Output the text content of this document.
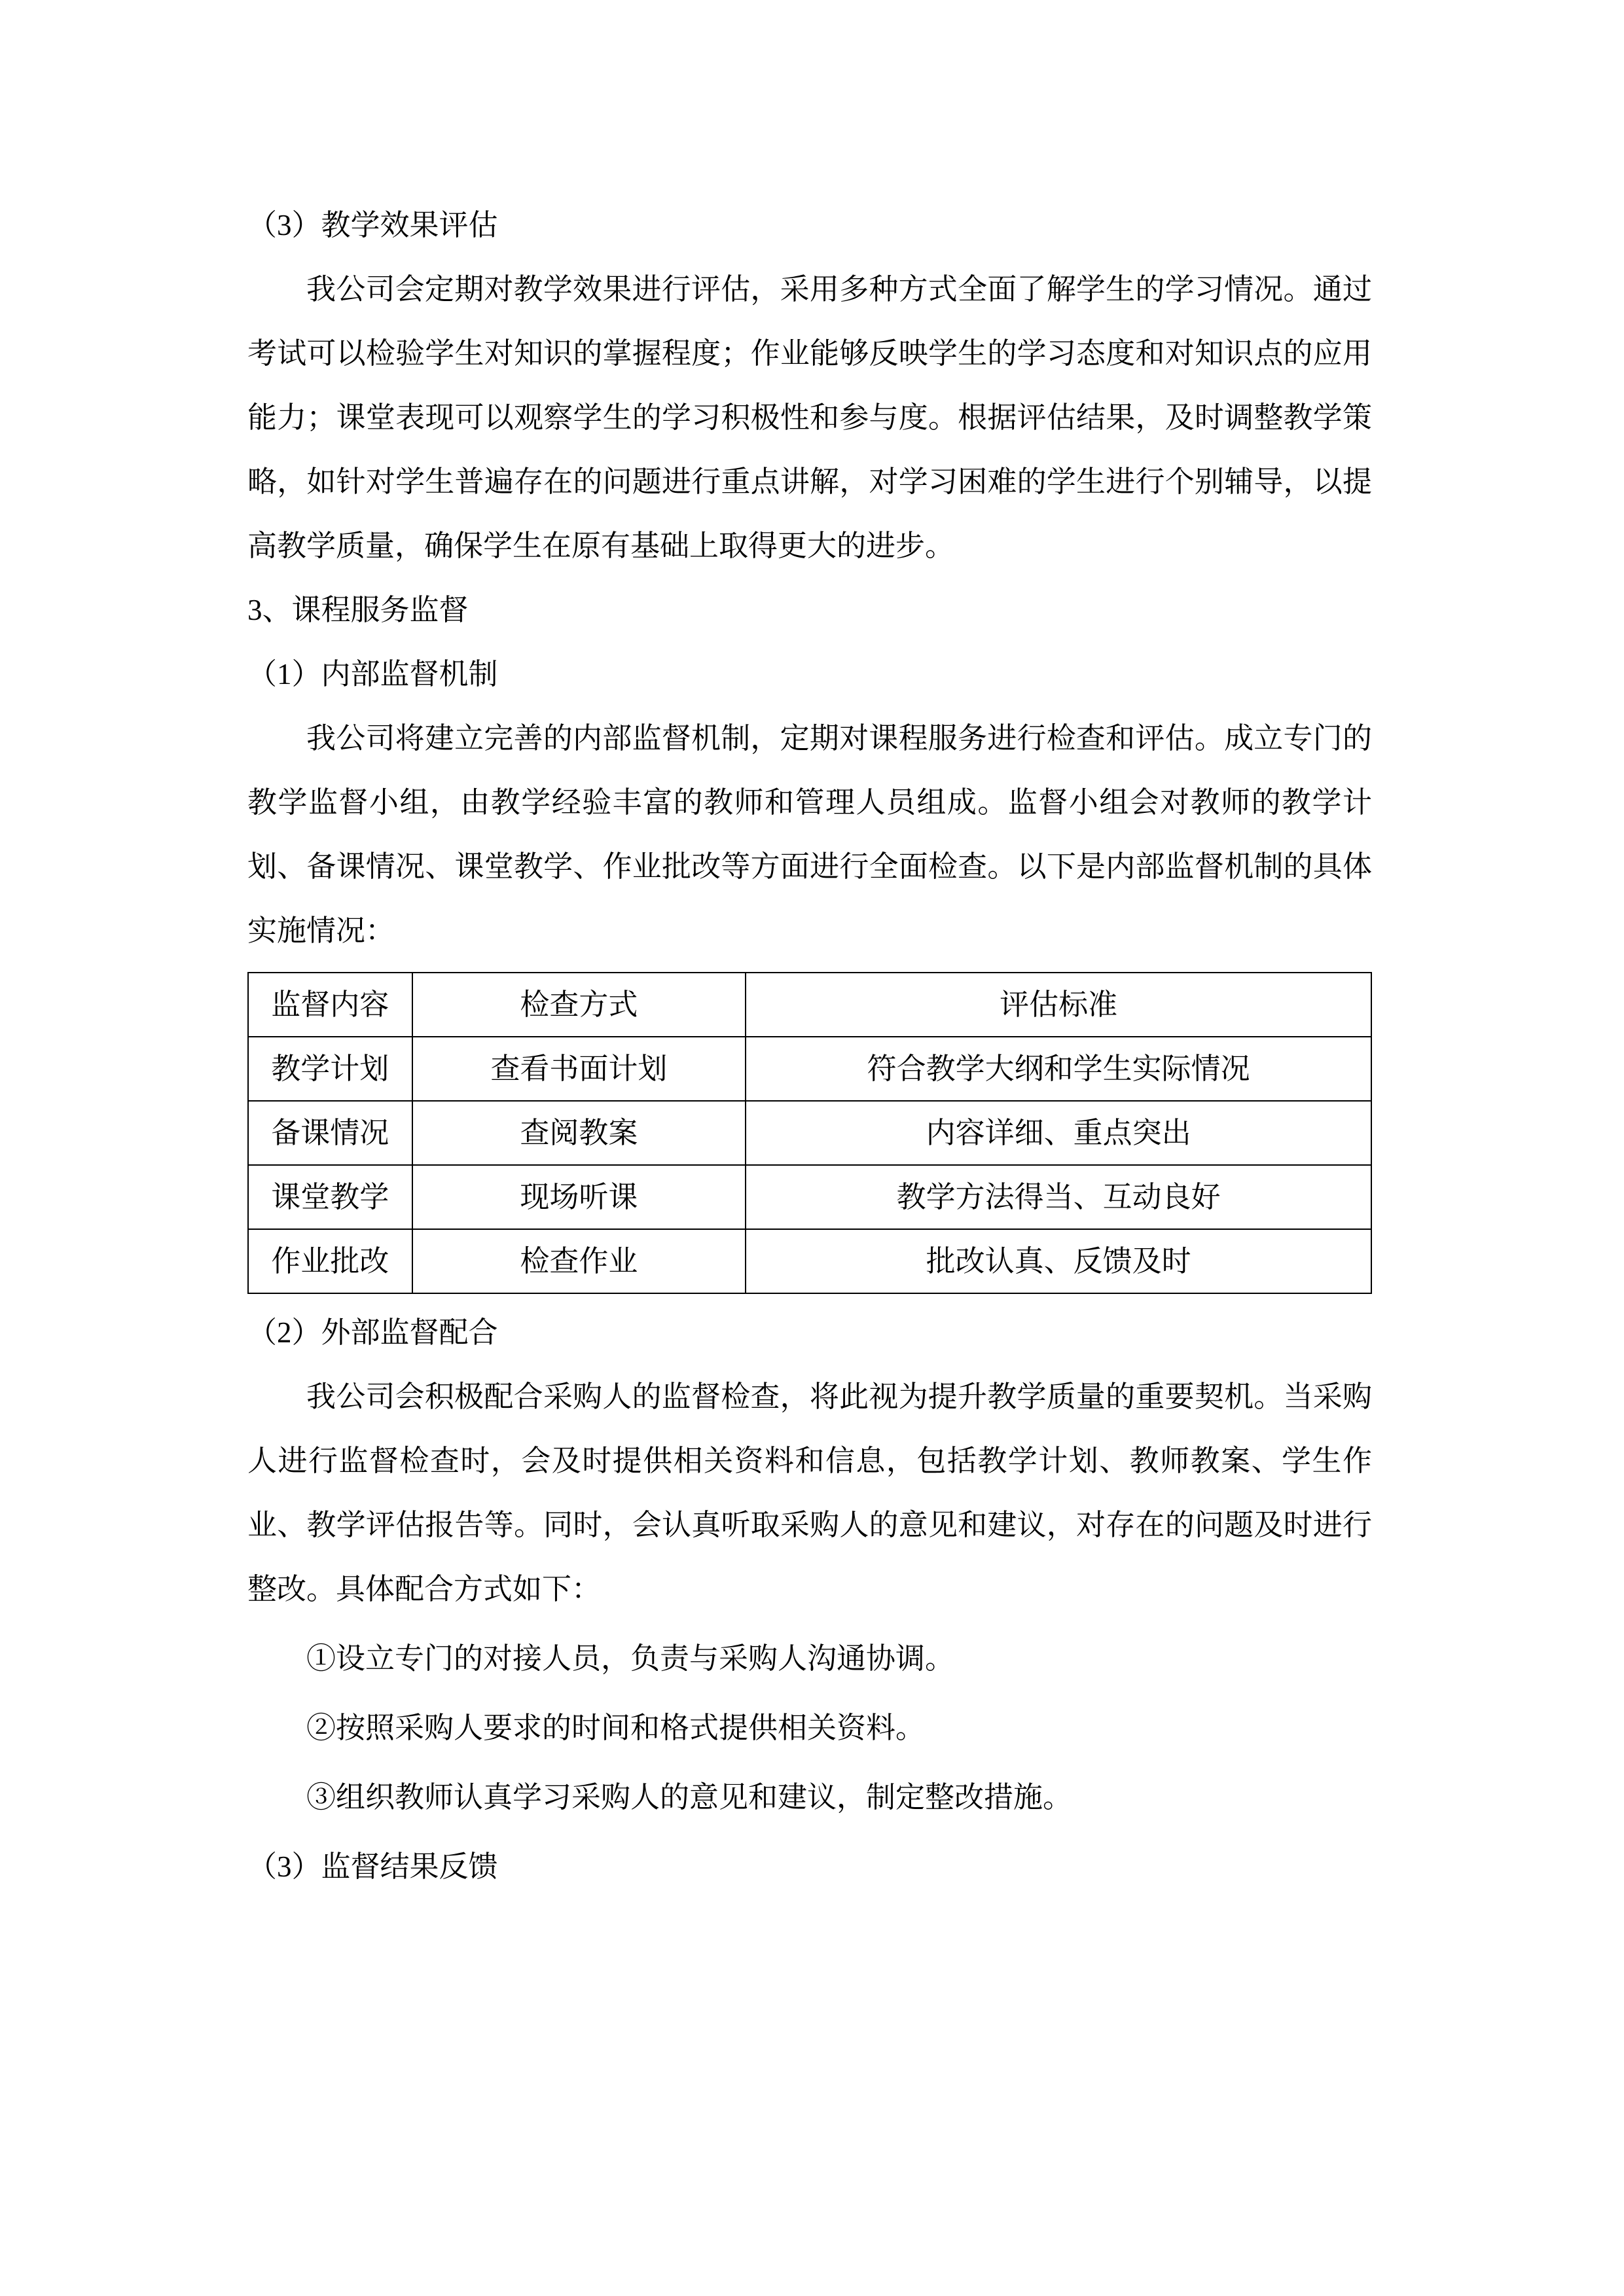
（3）教学效果评估
我公司会定期对教学效果进行评估，采用多种方式全面了解学生的学习情况。通过考试可以检验学生对知识的掌握程度；作业能够反映学生的学习态度和对知识点的应用能力；课堂表现可以观察学生的学习积极性和参与度。根据评估结果，及时调整教学策略，如针对学生普遍存在的问题进行重点讲解，对学习困难的学生进行个别辅导，以提高教学质量，确保学生在原有基础上取得更大的进步。
3、课程服务监督
（1）内部监督机制
我公司将建立完善的内部监督机制，定期对课程服务进行检查和评估。成立专门的教学监督小组，由教学经验丰富的教师和管理人员组成。监督小组会对教师的教学计划、备课情况、课堂教学、作业批改等方面进行全面检查。以下是内部监督机制的具体实施情况：
监督内容	检查方式	评估标准
教学计划	查看书面计划	符合教学大纲和学生实际情况
备课情况	查阅教案	内容详细、重点突出
课堂教学	现场听课	教学方法得当、互动良好
作业批改	检查作业	批改认真、反馈及时
（2）外部监督配合
我公司会积极配合采购人的监督检查，将此视为提升教学质量的重要契机。当采购人进行监督检查时，会及时提供相关资料和信息，包括教学计划、教师教案、学生作业、教学评估报告等。同时，会认真听取采购人的意见和建议，对存在的问题及时进行整改。具体配合方式如下：
①设立专门的对接人员，负责与采购人沟通协调。
②按照采购人要求的时间和格式提供相关资料。
③组织教师认真学习采购人的意见和建议，制定整改措施。
（3）监督结果反馈
